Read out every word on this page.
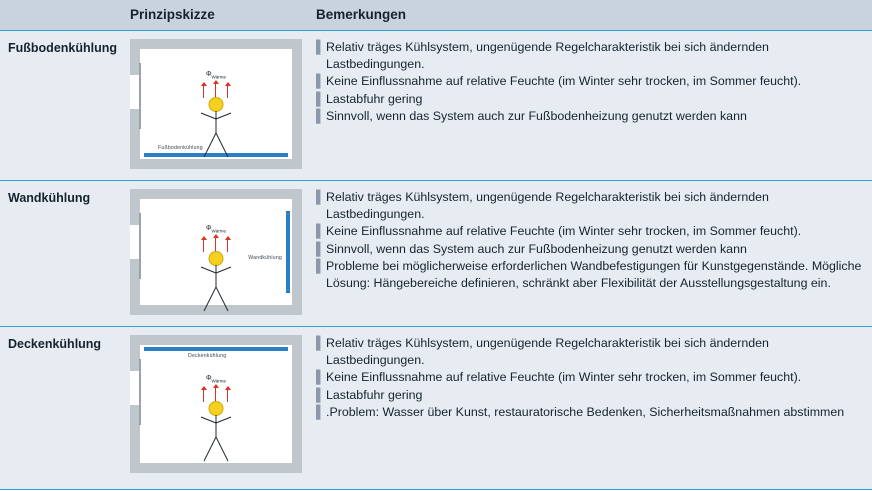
Prinzipskizze	Bemerkungen
Fußbodenkühlung
Fußbodenkühlung
$\Phi_{Wärme}$
▌ Relativ träges Kühlsystem, ungenügende Regelcharakteristik bei sich ändernden Lastbedingungen.
▌ Keine Einflussnahme auf relative Feuchte (im Winter sehr trocken, im Sommer feucht).
▌ Lastabfuhr gering
▌ Sinnvoll, wenn das System auch zur Fußbodenheizung genutzt werden kann
Wandkühlung
Wandkühlung
$\Phi_{Wärme}$
▌ Relativ träges Kühlsystem, ungenügende Regelcharakteristik bei sich ändernden Lastbedingungen.
▌ Keine Einflussnahme auf relative Feuchte (im Winter sehr trocken, im Sommer feucht).
▌ Sinnvoll, wenn das System auch zur Fußbodenheizung genutzt werden kann
▌ Probleme bei möglicherweise erforderlichen Wandbefestigungen für Kunstgegenstände. Mögliche Lösung: Hängebereiche definieren, schränkt aber Flexibilität der Ausstellungsgestaltung ein.
Deckenkühlung
Deckenkühlung
$\Phi_{Wärme}$
▌ Relativ träges Kühlsystem, ungenügende Regelcharakteristik bei sich ändernden Lastbedingungen.
▌ Keine Einflussnahme auf relative Feuchte (im Winter sehr trocken, im Sommer feucht).
▌ Lastabfuhr gering
▌ .Problem: Wasser über Kunst, restauratorische Bedenken, Sicherheitsmaßnahmen abstimmen
